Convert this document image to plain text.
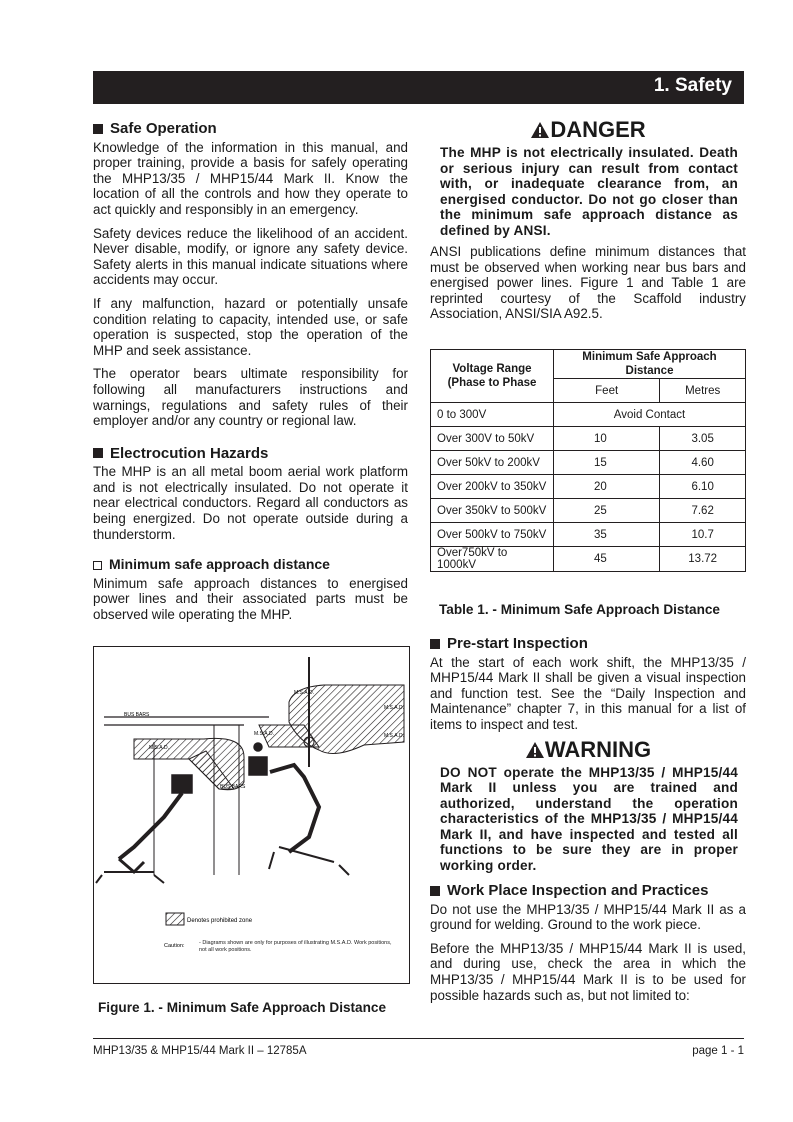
1. Safety
Safe Operation

Knowledge of the information in this manual, and proper training, provide a basis for safely operating the MHP13/35 / MHP15/44 Mark II. Know the location of all the controls and how they operate to act quickly and responsibly in an emergency.

Safety devices reduce the likelihood of an accident. Never disable, modify, or ignore any safety device. Safety alerts in this manual indicate situations where accidents may occur.

If any malfunction, hazard or potentially unsafe condition relating to capacity, intended use, or safe operation is suspected, stop the operation of the MHP and seek assistance.

The operator bears ultimate responsibility for following all manufacturers instructions and warnings, regulations and safety rules of their employer and/or any country or regional law.

Electrocution Hazards

The MHP is an all metal boom aerial work platform and is not electrically insulated. Do not operate it near electrical conductors. Regard all conductors as being energized. Do not operate outside during a thunderstorm.

Minimum safe approach distance

Minimum safe approach distances to energised power lines and their associated parts must be observed wile operating the MHP.

BUS BARS
BUS BARS
M.S.A.D.
M.S.A.D.
M.S.A.D.
M.S.A.D.
M.S.A.D.
Denotes prohibited zone
Caution:	- Diagrams shown are only for purposes of illustrating M.S.A.D. Work positions, not all work positions.
Figure 1. - Minimum Safe Approach Distance
DANGER
The MHP is not electrically insulated. Death or serious injury can result from contact with, or inadequate clearance from, an energised conductor. Do not go closer than the minimum safe approach distance as defined by ANSI.

ANSI publications define minimum distances that must be observed when working near bus bars and energised power lines. Figure 1 and Table 1 are reprinted courtesy of the Scaffold industry Association, ANSI/SIA A92.5.

Voltage Range (Phase to Phase	Minimum Safe Approach Distance	
	Feet	Metres
0 to 300V	Avoid Contact	
Over 300V to 50kV	10	3.05
Over 50kV to 200kV	15	4.60
Over 200kV to 350kV	20	6.10
Over 350kV to 500kV	25	7.62
Over 500kV to 750kV	35	10.7
Over750kV to 1000kV	45	13.72
Table 1. - Minimum Safe Approach Distance
Pre-start Inspection

At the start of each work shift, the MHP13/35 / MHP15/44 Mark II shall be given a visual inspection and function test. See the “Daily Inspection and Maintenance” chapter 7, in this manual for a list of items to inspect and test.

WARNING
DO NOT operate the MHP13/35 / MHP15/44 Mark II unless you are trained and authorized, understand the operation characteristics of the MHP13/35 / MHP15/44 Mark II, and have inspected and tested all functions to be sure they are in proper working order.
Work Place Inspection and Practices

Do not use the MHP13/35 / MHP15/44 Mark II as a ground for welding. Ground to the work piece.

Before the MHP13/35 / MHP15/44 Mark II is used, and during use, check the area in which the MHP13/35 / MHP15/44 Mark II is to be used for possible hazards such as, but not limited to:

MHP13/35 & MHP15/44 Mark II – 12785A	page 1 - 1
